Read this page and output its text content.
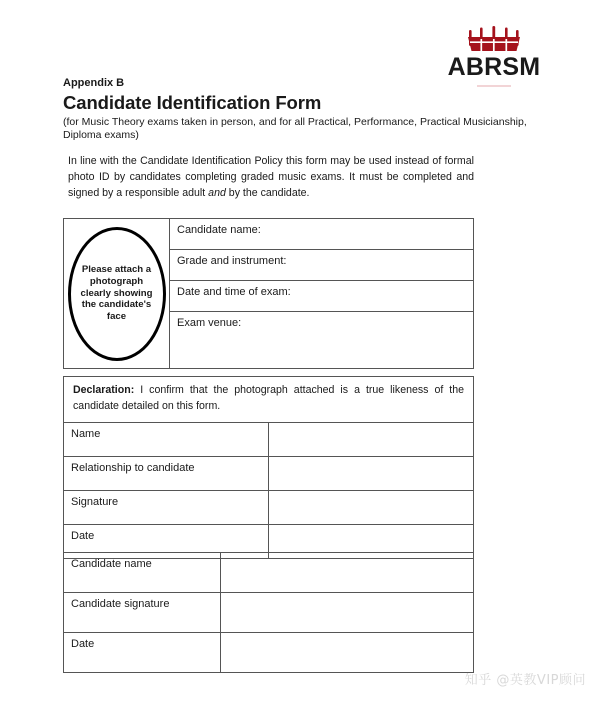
ABRSM

Appendix B

Candidate Identification Form

(for Music Theory exams taken in person, and for all Practical, Performance, Practical Musicianship, Diploma exams)

In line with the Candidate Identification Policy this form may be used instead of formal photo ID by candidates completing graded music exams. It must be completed and signed by a responsible adult and by the candidate.

Please attach a
photograph
clearly showing
the candidate's
face
	Candidate name:
Grade and instrument:
Date and time of exam:
Exam venue:
Declaration: I confirm that the photograph attached is a true likeness of the candidate detailed on this form.	
Name	
Relationship to candidate	
Signature	
Date	
Candidate name	
Candidate signature	
Date	
知乎 @英教VIP顾问
